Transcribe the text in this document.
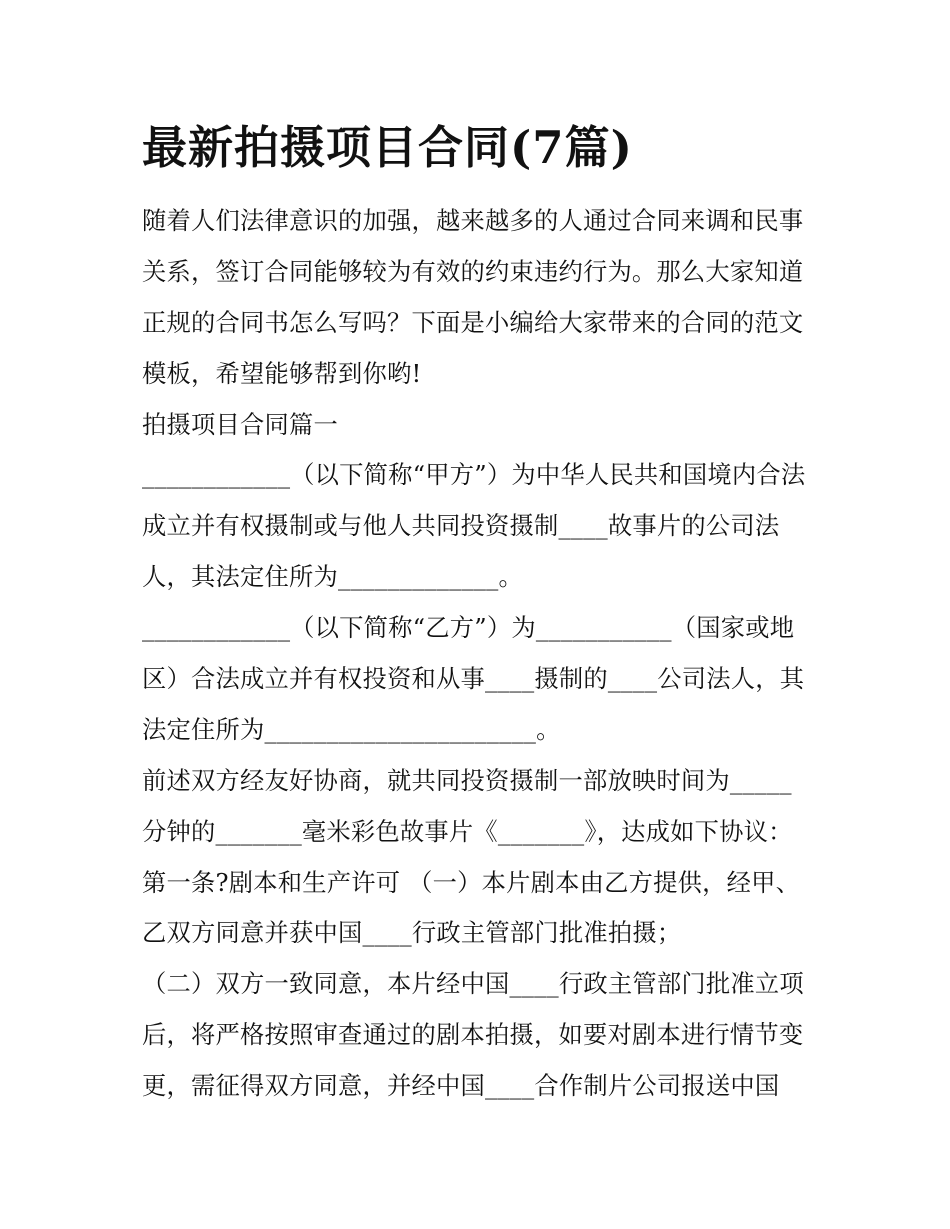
最新拍摄项目合同(7篇)
随着人们法律意识的加强，越来越多的人通过合同来调和民事
关系，签订合同能够较为有效的约束违约行为。那么大家知道
正规的合同书怎么写吗？下面是小编给大家带来的合同的范文
模板，希望能够帮到你哟!
拍摄项目合同篇一
____________（以下简称“甲方”）为中华人民共和国境内合法
成立并有权摄制或与他人共同投资摄制____故事片的公司法
人，其法定住所为_____________。
____________（以下简称“乙方”）为___________（国家或地
区）合法成立并有权投资和从事____摄制的____公司法人，其
法定住所为______________________。
前述双方经友好协商，就共同投资摄制一部放映时间为_____
分钟的_______毫米彩色故事片《_______》，达成如下协议：
第一条?剧本和生产许可 （一）本片剧本由乙方提供，经甲、
乙双方同意并获中国____行政主管部门批准拍摄；
（二）双方一致同意，本片经中国____行政主管部门批准立项
后，将严格按照审查通过的剧本拍摄，如要对剧本进行情节变
更，需征得双方同意，并经中国____合作制片公司报送中国
